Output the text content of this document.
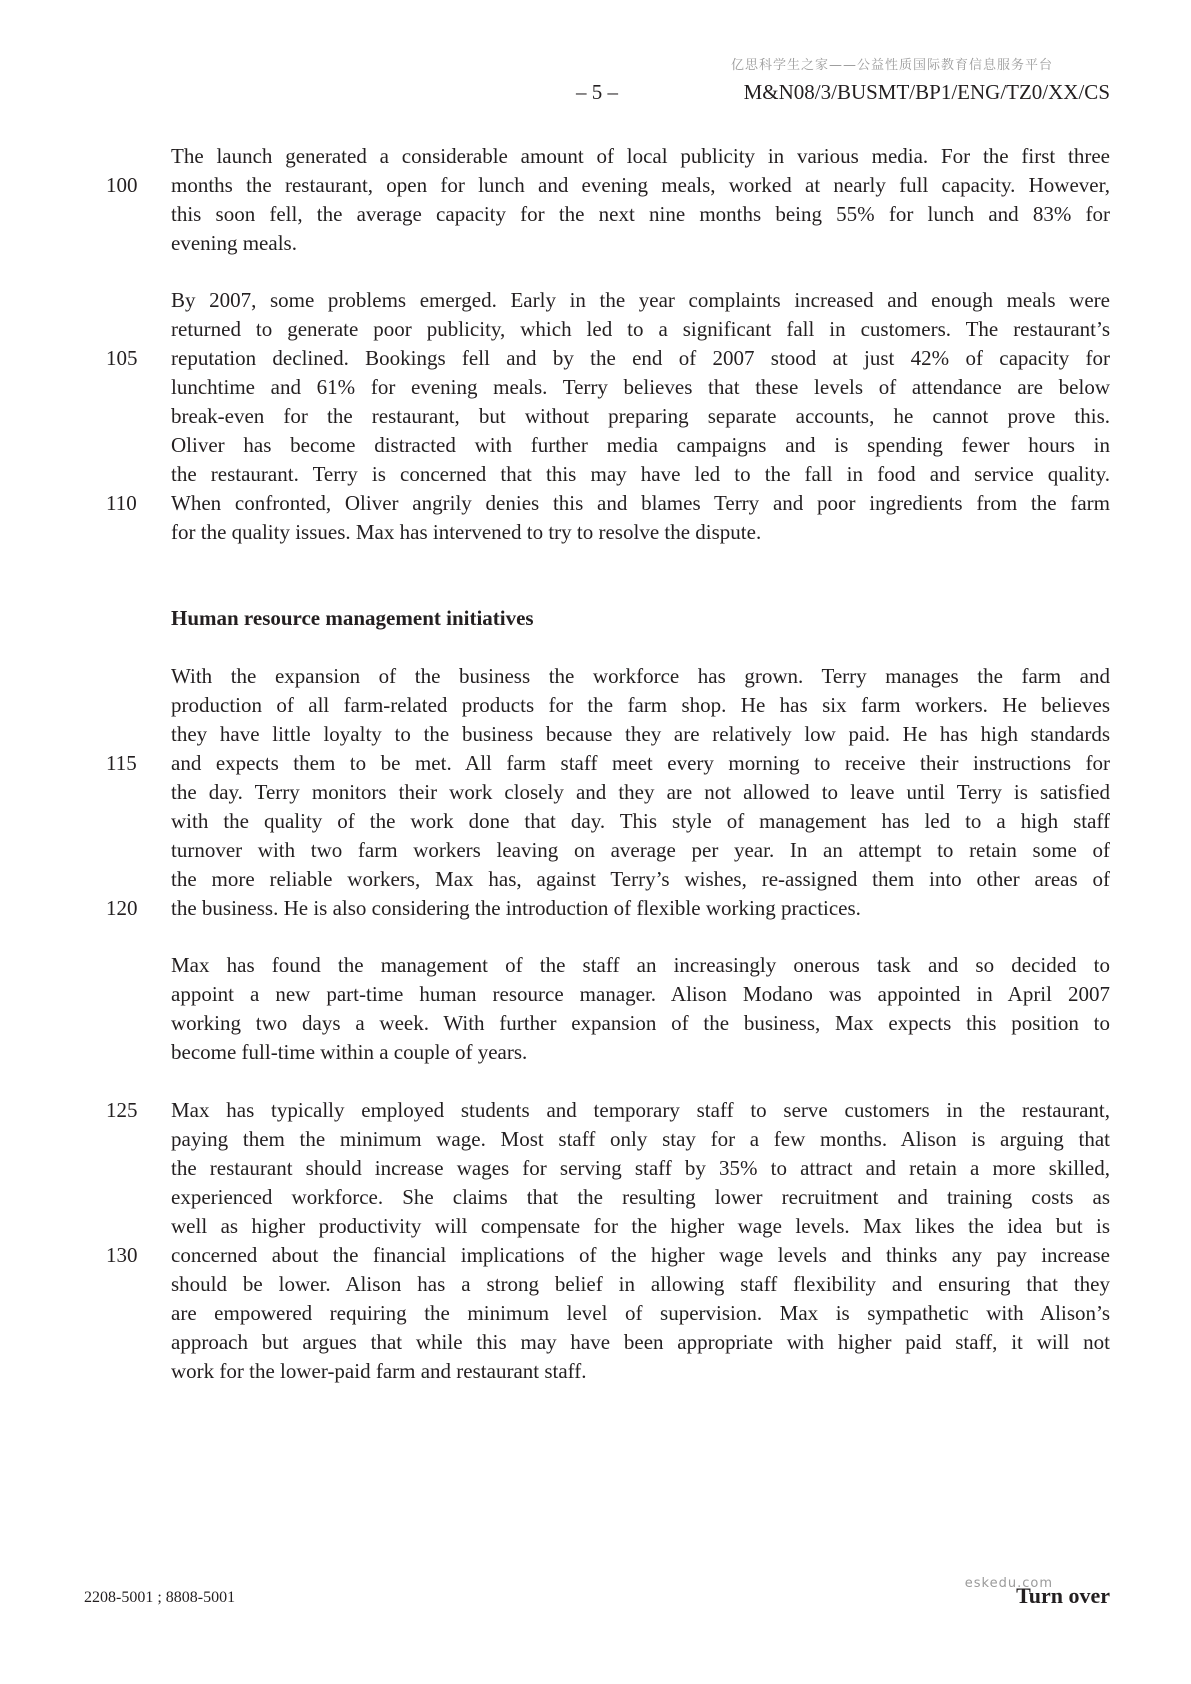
亿思科学生之家——公益性质国际教育信息服务平台
– 5 –	M&N08/3/BUSMT/BP1/ENG/TZ0/XX/CS
100
105
110
115
120
125
130
The launch generated a considerable amount of local publicity in various media. For the first three
months the restaurant, open for lunch and evening meals, worked at nearly full capacity. However,
this soon fell, the average capacity for the next nine months being 55% for lunch and 83% for
evening meals.
By 2007, some problems emerged. Early in the year complaints increased and enough meals were
returned to generate poor publicity, which led to a significant fall in customers. The restaurant’s
reputation declined. Bookings fell and by the end of 2007 stood at just 42% of capacity for
lunchtime and 61% for evening meals. Terry believes that these levels of attendance are below
break-even for the restaurant, but without preparing separate accounts, he cannot prove this.
Oliver has become distracted with further media campaigns and is spending fewer hours in
the restaurant. Terry is concerned that this may have led to the fall in food and service quality.
When confronted, Oliver angrily denies this and blames Terry and poor ingredients from the farm
for the quality issues. Max has intervened to try to resolve the dispute.
Human resource management initiatives
With the expansion of the business the workforce has grown. Terry manages the farm and
production of all farm-related products for the farm shop. He has six farm workers. He believes
they have little loyalty to the business because they are relatively low paid. He has high standards
and expects them to be met. All farm staff meet every morning to receive their instructions for
the day. Terry monitors their work closely and they are not allowed to leave until Terry is satisfied
with the quality of the work done that day. This style of management has led to a high staff
turnover with two farm workers leaving on average per year. In an attempt to retain some of
the more reliable workers, Max has, against Terry’s wishes, re-assigned them into other areas of
the business. He is also considering the introduction of flexible working practices.
Max has found the management of the staff an increasingly onerous task and so decided to
appoint a new part-time human resource manager. Alison Modano was appointed in April 2007
working two days a week. With further expansion of the business, Max expects this position to
become full-time within a couple of years.
Max has typically employed students and temporary staff to serve customers in the restaurant,
paying them the minimum wage. Most staff only stay for a few months. Alison is arguing that
the restaurant should increase wages for serving staff by 35% to attract and retain a more skilled,
experienced workforce. She claims that the resulting lower recruitment and training costs as
well as higher productivity will compensate for the higher wage levels. Max likes the idea but is
concerned about the financial implications of the higher wage levels and thinks any pay increase
should be lower. Alison has a strong belief in allowing staff flexibility and ensuring that they
are empowered requiring the minimum level of supervision. Max is sympathetic with Alison’s
approach but argues that while this may have been appropriate with higher paid staff, it will not
work for the lower-paid farm and restaurant staff.
2208-5001 ; 8808-5001
eskedu.com
Turn over
